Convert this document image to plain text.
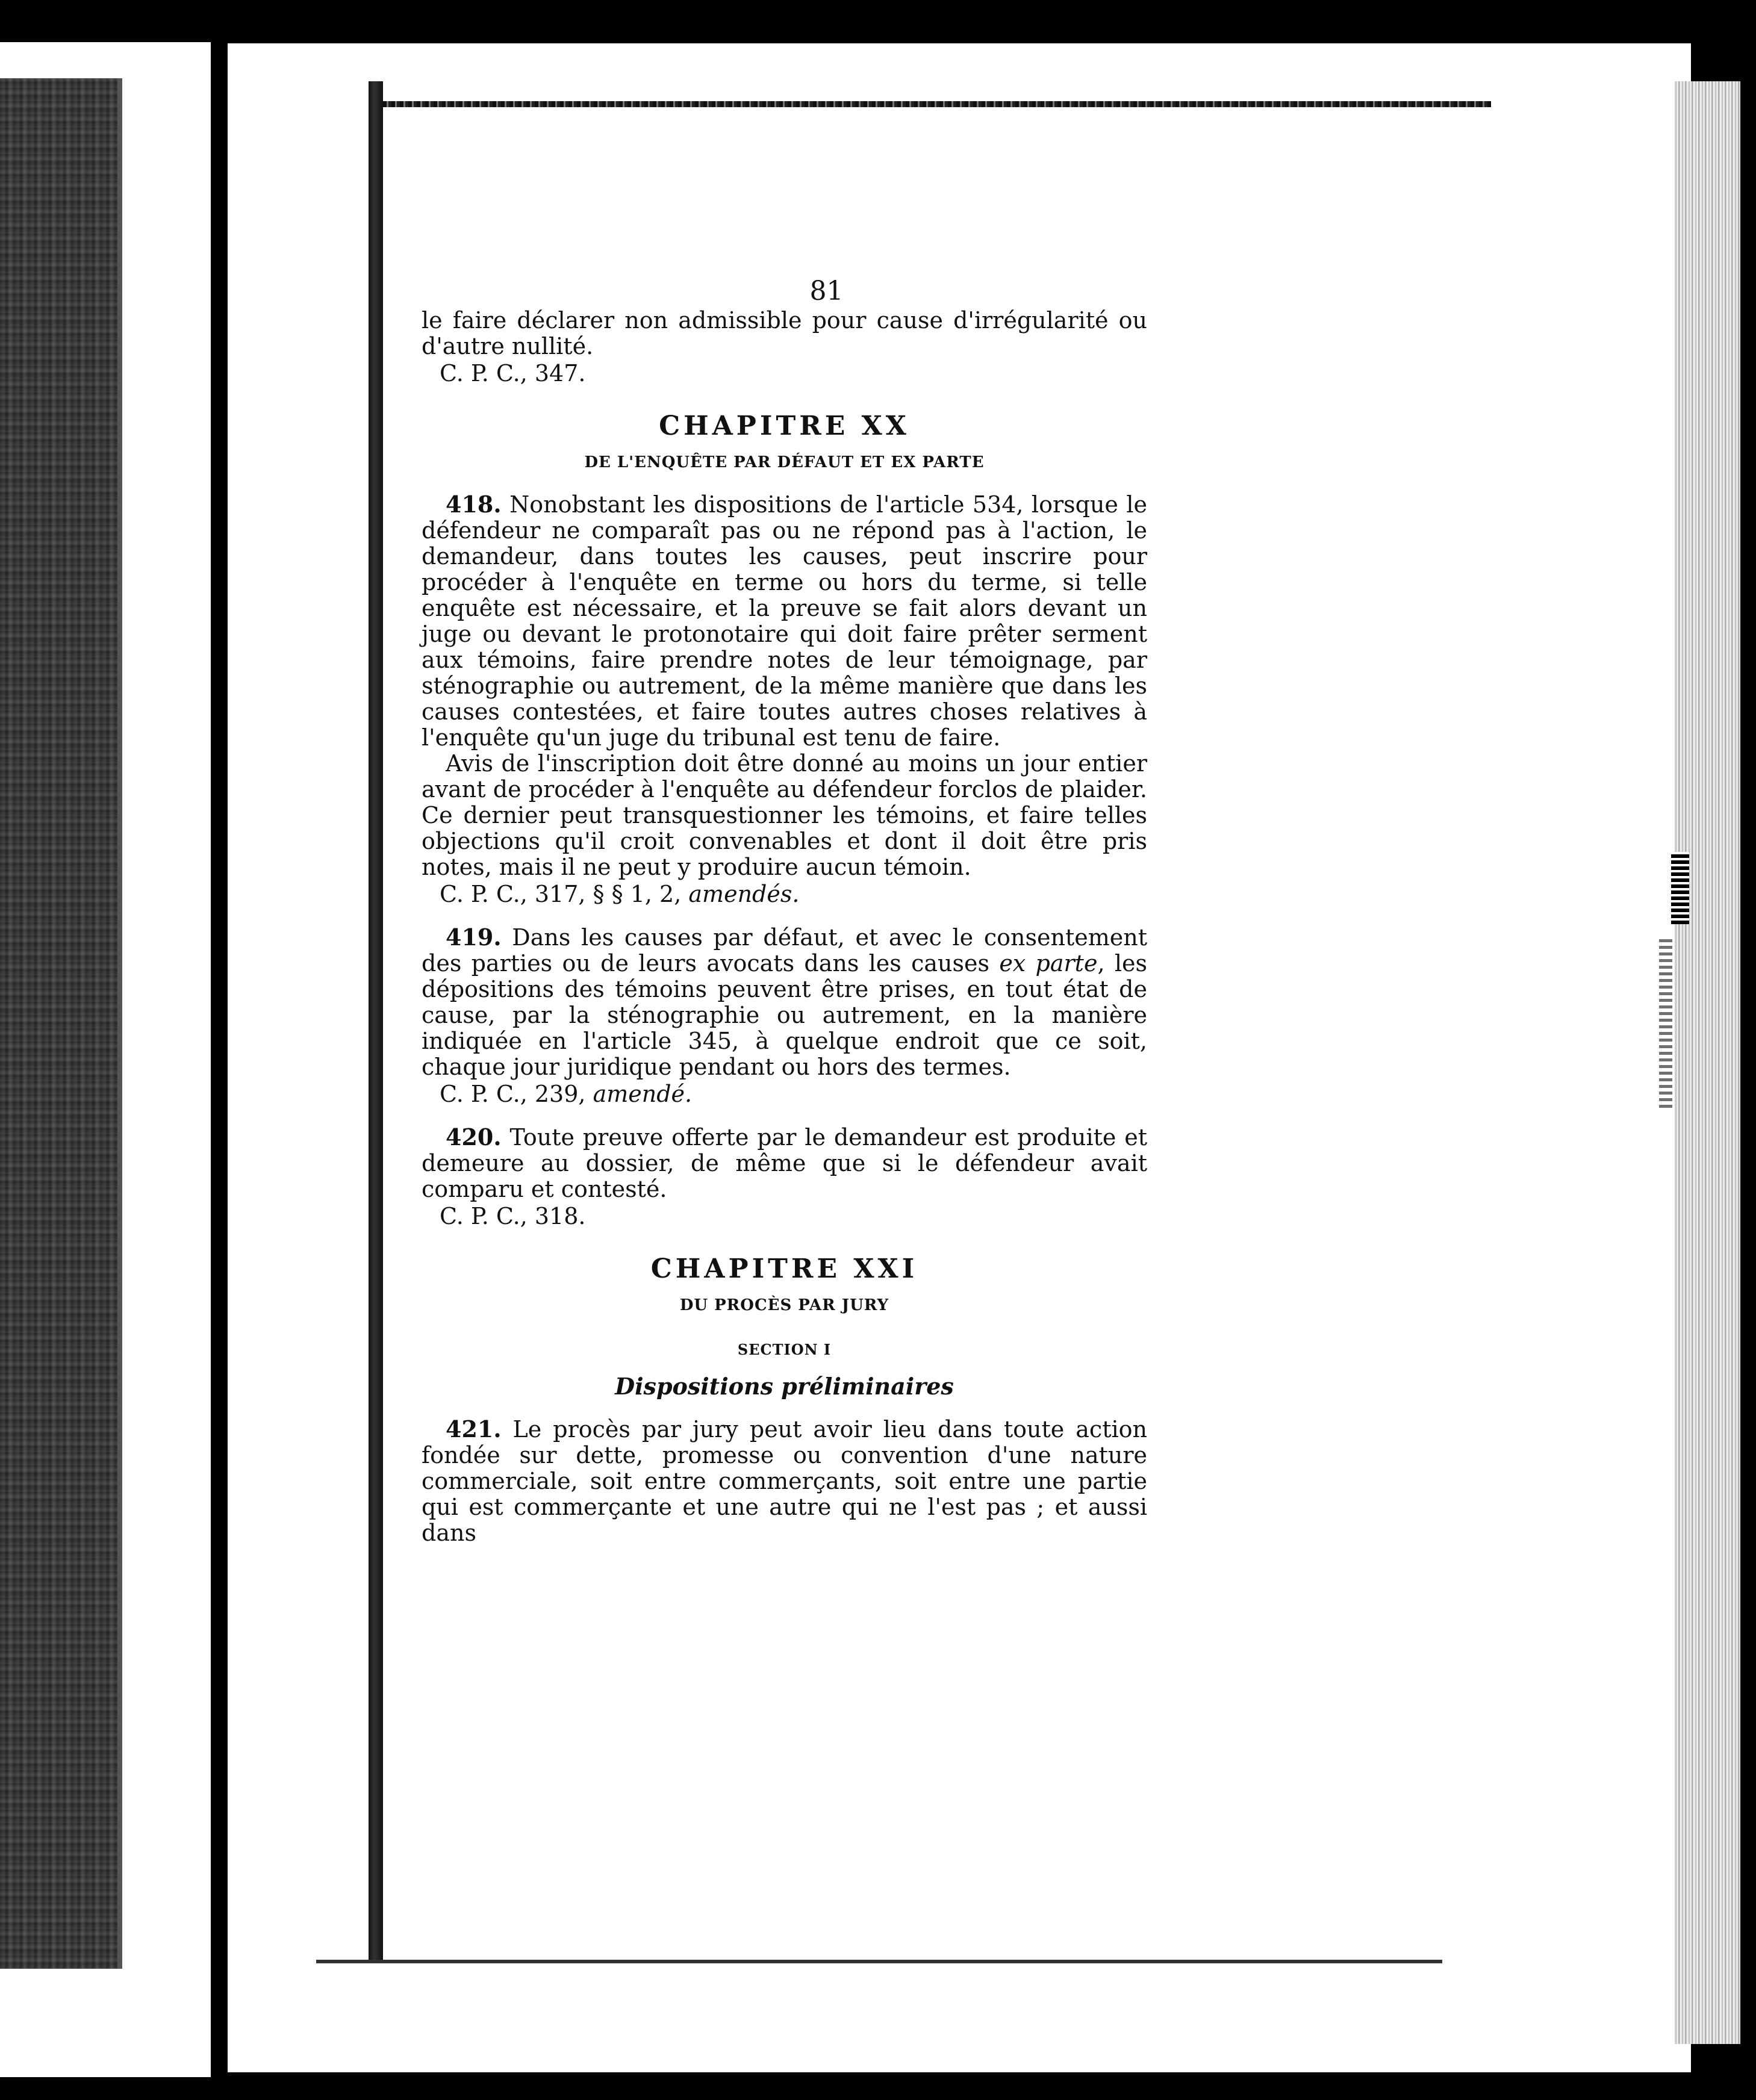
81

le faire déclarer non admissible pour cause d'irrégularité ou d'autre nullité.

C. P. C., 347.

CHAPITRE XX
DE L'ENQUÊTE PAR DÉFAUT ET EX PARTE

418. Nonobstant les dispositions de l'article 534, lorsque le défendeur ne comparaît pas ou ne répond pas à l'action, le demandeur, dans toutes les causes, peut inscrire pour procéder à l'enquête en terme ou hors du terme, si telle enquête est nécessaire, et la preuve se fait alors devant un juge ou devant le protonotaire qui doit faire prêter serment aux témoins, faire prendre notes de leur témoignage, par sténographie ou autrement, de la même manière que dans les causes contestées, et faire toutes autres choses relatives à l'enquête qu'un juge du tribunal est tenu de faire.

Avis de l'inscription doit être donné au moins un jour entier avant de procéder à l'enquête au défendeur forclos de plaider. Ce dernier peut transquestionner les témoins, et faire telles objections qu'il croit convenables et dont il doit être pris notes, mais il ne peut y produire aucun témoin.

C. P. C., 317, § § 1, 2, amendés.

419. Dans les causes par défaut, et avec le consentement des parties ou de leurs avocats dans les causes ex parte, les dépositions des témoins peuvent être prises, en tout état de cause, par la sténographie ou autrement, en la manière indiquée en l'article 345, à quelque endroit que ce soit, chaque jour juridique pendant ou hors des termes.

C. P. C., 239, amendé.

420. Toute preuve offerte par le demandeur est produite et demeure au dossier, de même que si le défendeur avait comparu et contesté.

C. P. C., 318.

CHAPITRE XXI
DU PROCÈS PAR JURY
SECTION I
Dispositions préliminaires

421. Le procès par jury peut avoir lieu dans toute action fondée sur dette, promesse ou convention d'une nature commerciale, soit entre commerçants, soit entre une partie qui est commerçante et une autre qui ne l'est pas ; et aussi dans
